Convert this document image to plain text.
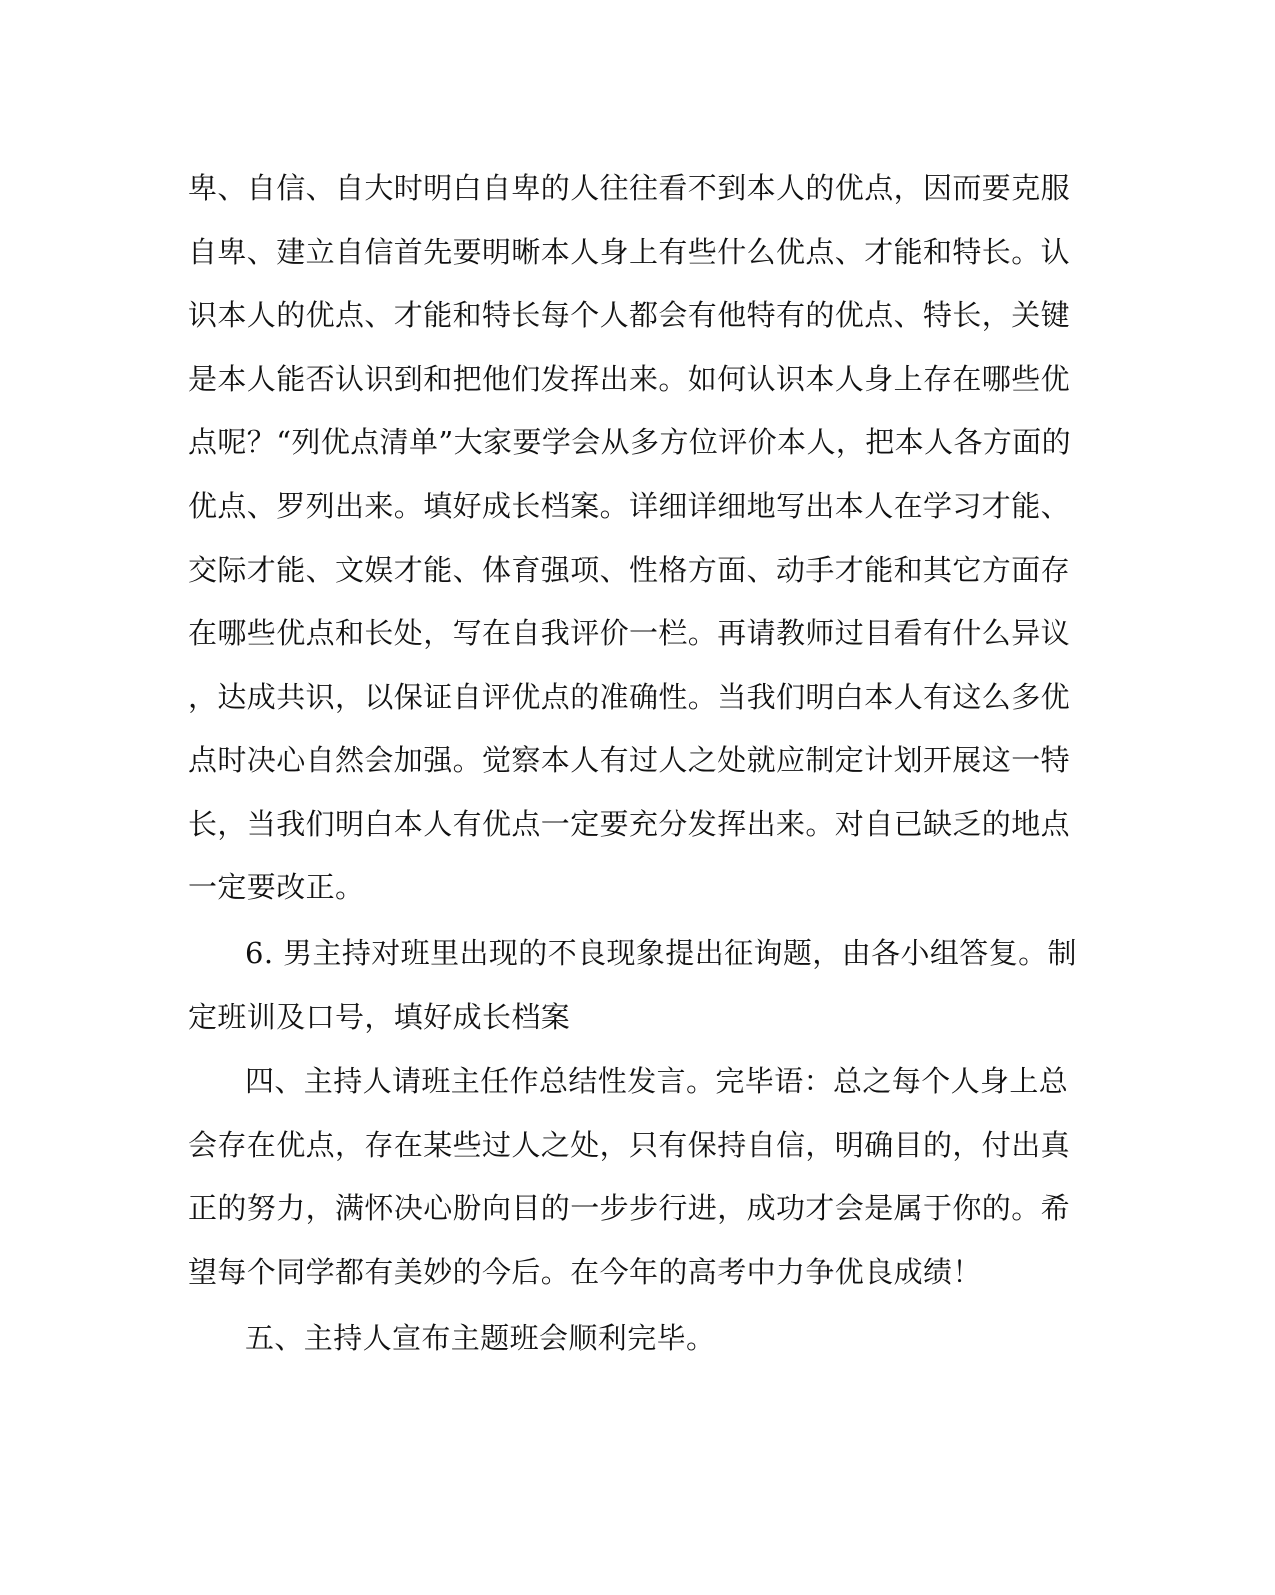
卑、自信、自大时明白自卑的人往往看不到本人的优点，因而要克服

自卑、建立自信首先要明晰本人身上有些什么优点、才能和特长。认

识本人的优点、才能和特长每个人都会有他特有的优点、特长，关键

是本人能否认识到和把他们发挥出来。如何认识本人身上存在哪些优

点呢？“列优点清单”大家要学会从多方位评价本人，把本人各方面的

优点、罗列出来。填好成长档案。详细详细地写出本人在学习才能、

交际才能、文娱才能、体育强项、性格方面、动手才能和其它方面存

在哪些优点和长处，写在自我评价一栏。再请教师过目看有什么异议

，达成共识，以保证自评优点的准确性。当我们明白本人有这么多优

点时决心自然会加强。觉察本人有过人之处就应制定计划开展这一特

长，当我们明白本人有优点一定要充分发挥出来。对自已缺乏的地点

一定要改正。

6. 男主持对班里出现的不良现象提出征询题，由各小组答复。制

定班训及口号，填好成长档案

四、主持人请班主任作总结性发言。完毕语：总之每个人身上总

会存在优点，存在某些过人之处，只有保持自信，明确目的，付出真

正的努力，满怀决心朌向目的一步步行进，成功才会是属于你的。希

望每个同学都有美妙的今后。在今年的高考中力争优良成绩！

五、主持人宣布主题班会顺利完毕。
